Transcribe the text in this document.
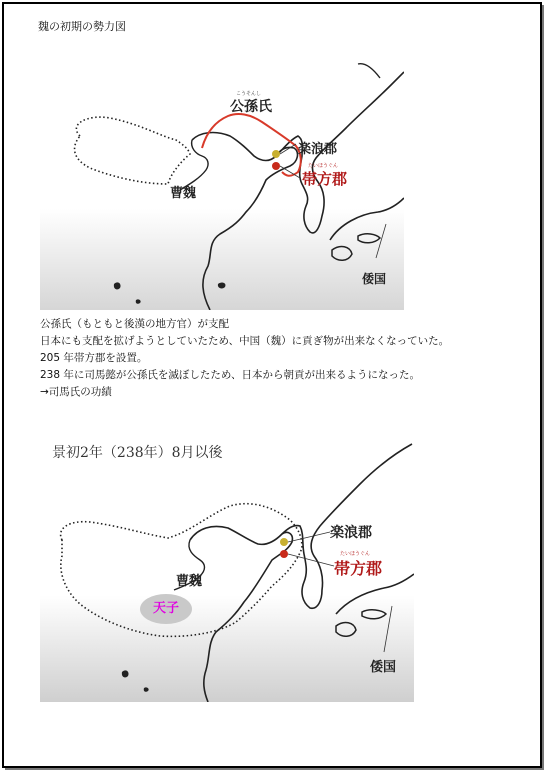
魏の初期の勢力図
こうそんし
公孫氏
楽浪郡
たいほうぐん
帯方郡
曹魏
倭国
公孫氏（もともと後漢の地方官）が支配
日本にも支配を拡げようとしていたため、中国（魏）に貢ぎ物が出来なくなっていた。
205 年帯方郡を設置。
238 年に司馬懿が公孫氏を滅ぼしたため、日本から朝貢が出来るようになった。
→司馬氏の功績
景初2年（238年）8月以後
楽浪郡
たいほうぐん
帯方郡
曹魏
天子
倭国
